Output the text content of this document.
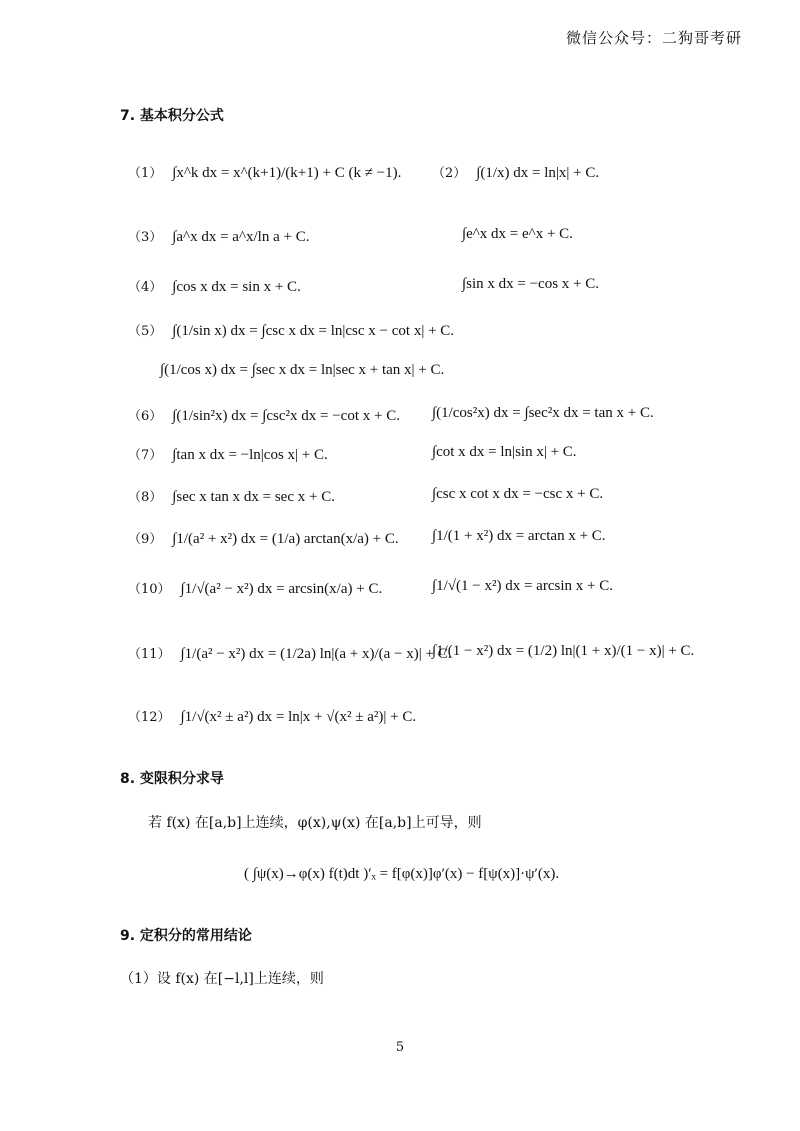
微信公众号：二狗哥考研
7. 基本积分公式
（1） ∫x^k dx = x^(k+1)/(k+1) + C (k ≠ −1). （2） ∫(1/x) dx = ln|x| + C.
（3） ∫a^x dx = a^x/ln a + C.	∫e^x dx = e^x + C.
（4） ∫cos x dx = sin x + C.	∫sin x dx = −cos x + C.
（5） ∫(1/sin x) dx = ∫csc x dx = ln|csc x − cot x| + C.
∫(1/cos x) dx = ∫sec x dx = ln|sec x + tan x| + C.
（6） ∫(1/sin²x) dx = ∫csc²x dx = −cot x + C. ∫(1/cos²x) dx = ∫sec²x dx = tan x + C.
（7） ∫tan x dx = −ln|cos x| + C.	∫cot x dx = ln|sin x| + C.
（8） ∫sec x tan x dx = sec x + C.	∫csc x cot x dx = −csc x + C.
（9） ∫1/(a² + x²) dx = (1/a) arctan(x/a) + C. ∫1/(1 + x²) dx = arctan x + C.
（10） ∫1/√(a² − x²) dx = arcsin(x/a) + C.	∫1/√(1 − x²) dx = arcsin x + C.
（11） ∫1/(a² − x²) dx = (1/2a) ln|(a + x)/(a − x)| + C.
∫1/(1 − x²) dx = (1/2) ln|(1 + x)/(1 − x)| + C.
（12） ∫1/√(x² ± a²) dx = ln|x + √(x² ± a²)| + C.
8. 变限积分求导
若 f(x) 在[a,b]上连续，φ(x),ψ(x) 在[a,b]上可导，则
( ∫ψ(x)→φ(x) f(t)dt )′ₓ = f[φ(x)]φ′(x) − f[ψ(x)]·ψ′(x).
9. 定积分的常用结论
（1）设 f(x) 在[−l,l]上连续，则
5
